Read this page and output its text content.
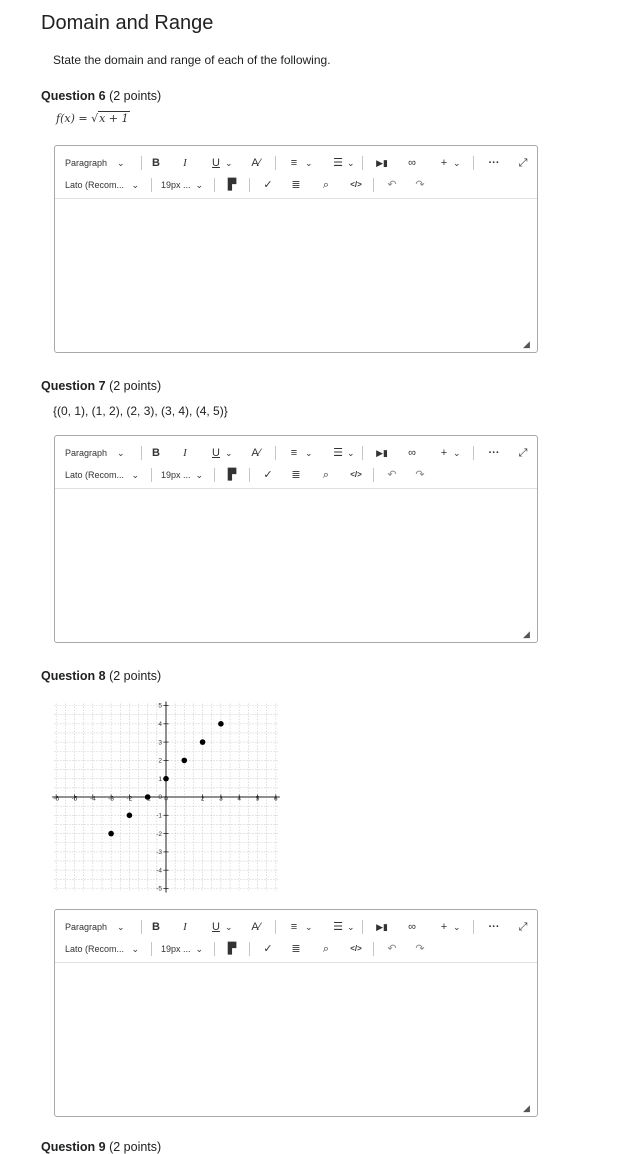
Domain and Range
State the domain and range of each of the following.
Question 6 (2 points)
f(x) = √x + 1
Paragraph    ⌄	B	I	U ⌄	A⁄	≡ ⌄	☰ ⌄	▶▮	∞	+ ⌄	···	⤢
Lato (Recom...   ⌄ 19px ...  ⌄	▛	✓	≣	⌕	</>	↶	↷
◢
Question 7 (2 points)
{(0, 1), (1, 2), (2, 3), (3, 4), (4, 5)}
Paragraph    ⌄	B	I	U ⌄	A⁄	≡ ⌄	☰ ⌄	▶▮	∞	+ ⌄	···	⤢
Lato (Recom...   ⌄ 19px ...  ⌄	▛	✓	≣	⌕	</>	↶	↷
◢
Question 8 (2 points)
-6 -5 -4 -3 -2	0	2 3 4 5 6
-5
-4
-3
-2
-1
0
1
2
3
4
5
Paragraph    ⌄	B	I	U ⌄	A⁄	≡ ⌄	☰ ⌄	▶▮	∞	+ ⌄	···	⤢
Lato (Recom...   ⌄ 19px ...  ⌄	▛	✓	≣	⌕	</>	↶	↷
◢
Question 9 (2 points)
